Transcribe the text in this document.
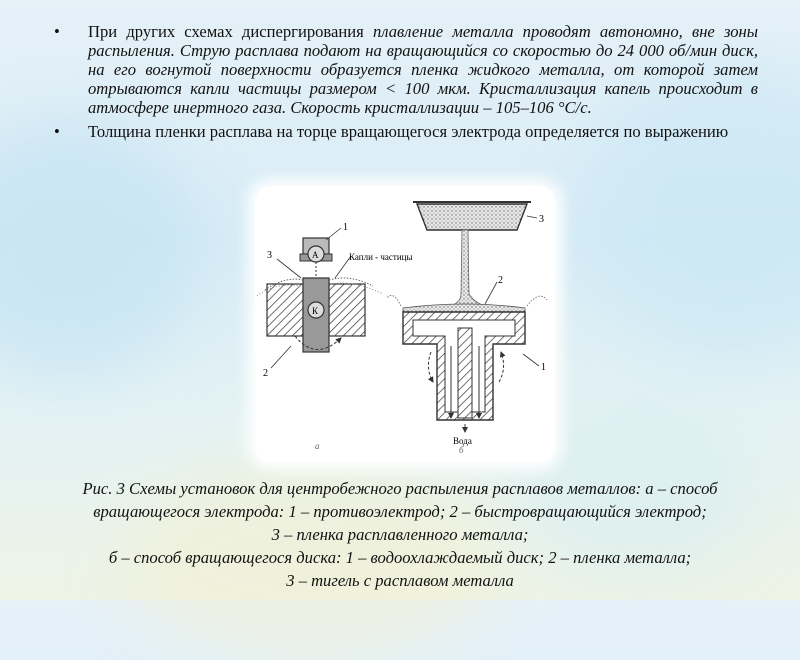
• При других схемах диспергирования плавление металла проводят автономно, вне зоны распыления. Струю расплава подают на вращающийся со скоростью до 24 000 об/мин диск, на его вогнутой поверхности образуется пленка жидкого металла, от которой затем отрываются капли частицы размером < 100 мкм. Кристаллизация капель происходит в атмосфере инертного газа. Скорость кристаллизации – 105–106 °С/с.
• Толщина пленки расплава на торце вращающегося электрода определяется по выражению
А
К
1
3
2
Капли - частицы
а
3
2
1
Вода
б
Рис. 3 Схемы установок для центробежного распыления расплавов металлов: а – способ
вращающегося электрода: 1 – противоэлектрод; 2 – быстровращающийся электрод;
3 – пленка расплавленного металла;
б – способ вращающегося диска: 1 – водоохлаждаемый диск; 2 – пленка металла;
3 – тигель с расплавом металла
